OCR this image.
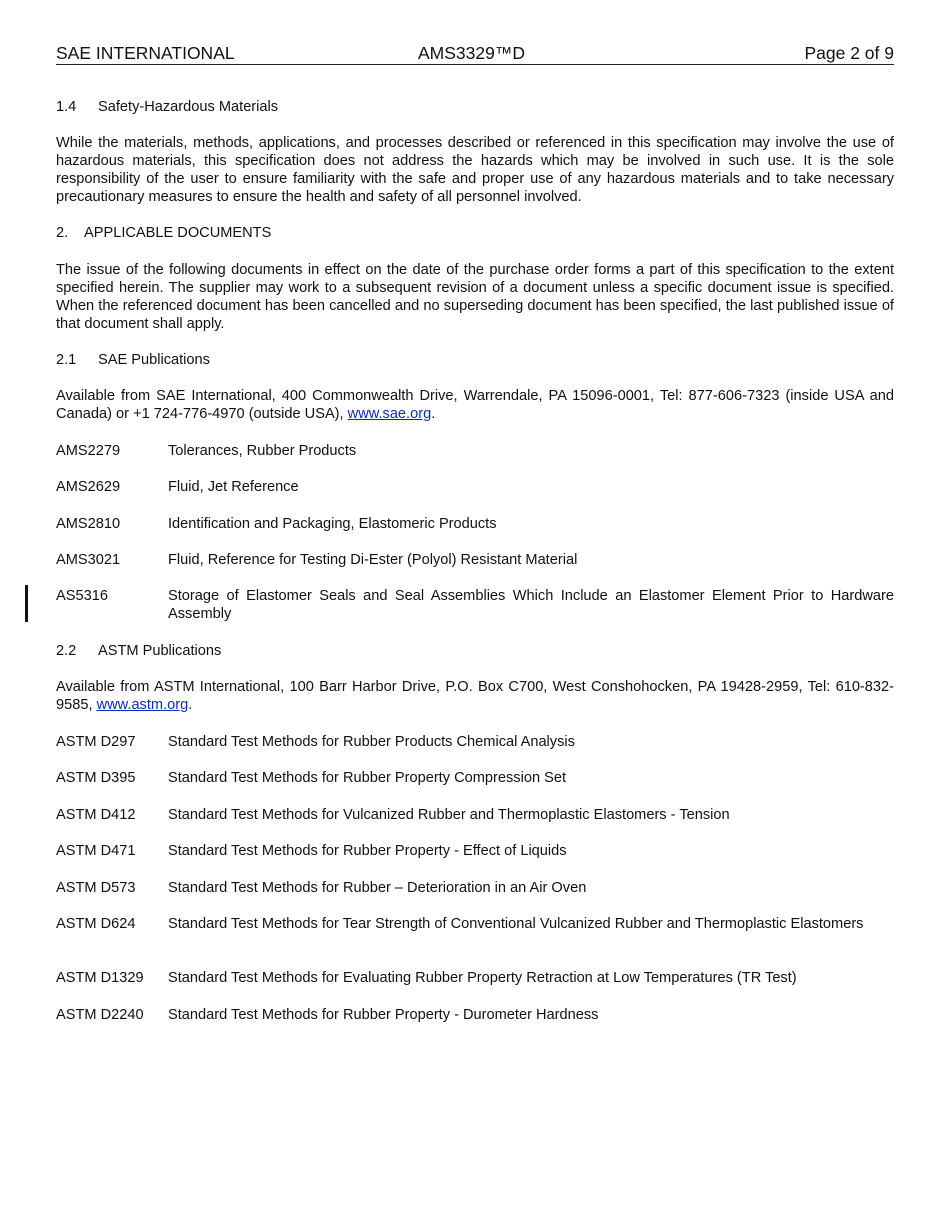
SAE INTERNATIONAL	AMS3329™D	Page 2 of 9
1.4 Safety-Hazardous Materials
While the materials, methods, applications, and processes described or referenced in this specification may involve the use of hazardous materials, this specification does not address the hazards which may be involved in such use. It is the sole responsibility of the user to ensure familiarity with the safe and proper use of any hazardous materials and to take necessary precautionary measures to ensure the health and safety of all personnel involved.
2. APPLICABLE DOCUMENTS
The issue of the following documents in effect on the date of the purchase order forms a part of this specification to the extent specified herein. The supplier may work to a subsequent revision of a document unless a specific document issue is specified. When the referenced document has been cancelled and no superseding document has been specified, the last published issue of that document shall apply.
2.1 SAE Publications
Available from SAE International, 400 Commonwealth Drive, Warrendale, PA 15096-0001, Tel: 877-606-7323 (inside USA and Canada) or +1 724-776-4970 (outside USA), www.sae.org.
AMS2279	Tolerances, Rubber Products
AMS2629	Fluid, Jet Reference
AMS2810	Identification and Packaging, Elastomeric Products
AMS3021	Fluid, Reference for Testing Di-Ester (Polyol) Resistant Material
AS5316	Storage of Elastomer Seals and Seal Assemblies Which Include an Elastomer Element Prior to Hardware Assembly
2.2 ASTM Publications
Available from ASTM International, 100 Barr Harbor Drive, P.O. Box C700, West Conshohocken, PA 19428-2959, Tel: 610-832-9585, www.astm.org.
ASTM D297 Standard Test Methods for Rubber Products Chemical Analysis
ASTM D395 Standard Test Methods for Rubber Property Compression Set
ASTM D412 Standard Test Methods for Vulcanized Rubber and Thermoplastic Elastomers - Tension
ASTM D471 Standard Test Methods for Rubber Property - Effect of Liquids
ASTM D573 Standard Test Methods for Rubber – Deterioration in an Air Oven
ASTM D624 Standard Test Methods for Tear Strength of Conventional Vulcanized Rubber and Thermoplastic Elastomers
ASTM D1329 Standard Test Methods for Evaluating Rubber Property Retraction at Low Temperatures (TR Test)
ASTM D2240 Standard Test Methods for Rubber Property - Durometer Hardness
